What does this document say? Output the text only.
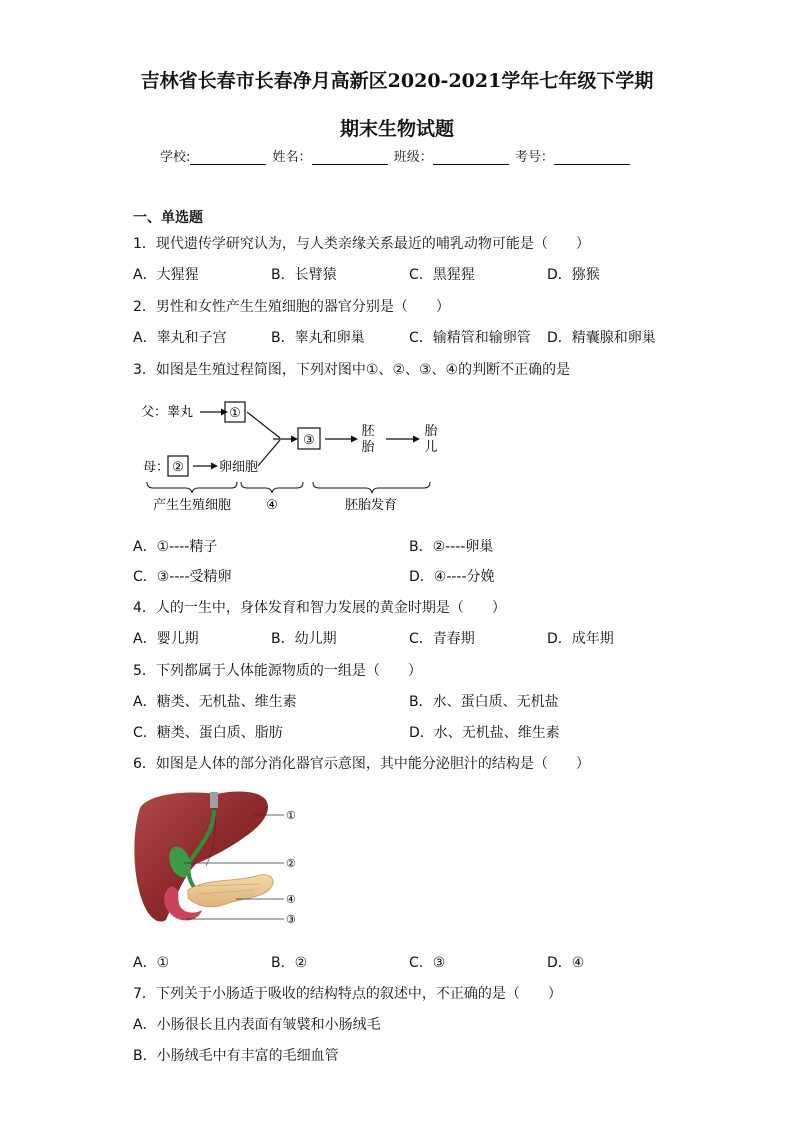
吉林省长春市长春净月高新区2020-2021学年七年级下学期
期末生物试题
学校:	姓名：	班级：	考号：
一、单选题
1．现代遗传学研究认为，与人类亲缘关系最近的哺乳动物可能是（　　）
A．大猩猩	B．长臂猿	C．黑猩猩	D．猕猴
2．男性和女性产生生殖细胞的器官分别是（　　）
A．睾丸和子宫	B．睾丸和卵巢	C．输精管和输卵管 D．精囊腺和卵巢
3．如图是生殖过程简图，下列对图中①、②、③、④的判断不正确的是
父：睾丸	①
③
胚
胎
胎
儿
母： ②	卵细胞
产生生殖细胞	④	胚胎发育
A．①----精子	B．②----卵巢
C．③----受精卵	D．④----分娩
4．人的一生中，身体发育和智力发展的黄金时期是（　　）
A．婴儿期	B．幼儿期	C．青春期	D．成年期
5．下列都属于人体能源物质的一组是（　　）
A．糖类、无机盐、维生素	B．水、蛋白质、无机盐
C．糖类、蛋白质、脂肪	D．水、无机盐、维生素
6．如图是人体的部分消化器官示意图，其中能分泌胆汁的结构是（　　）
①
②
④
③
A．①	B．②	C．③	D．④
7．下列关于小肠适于吸收的结构特点的叙述中，不正确的是（　　）
A．小肠很长且内表面有皱襞和小肠绒毛
B．小肠绒毛中有丰富的毛细血管
